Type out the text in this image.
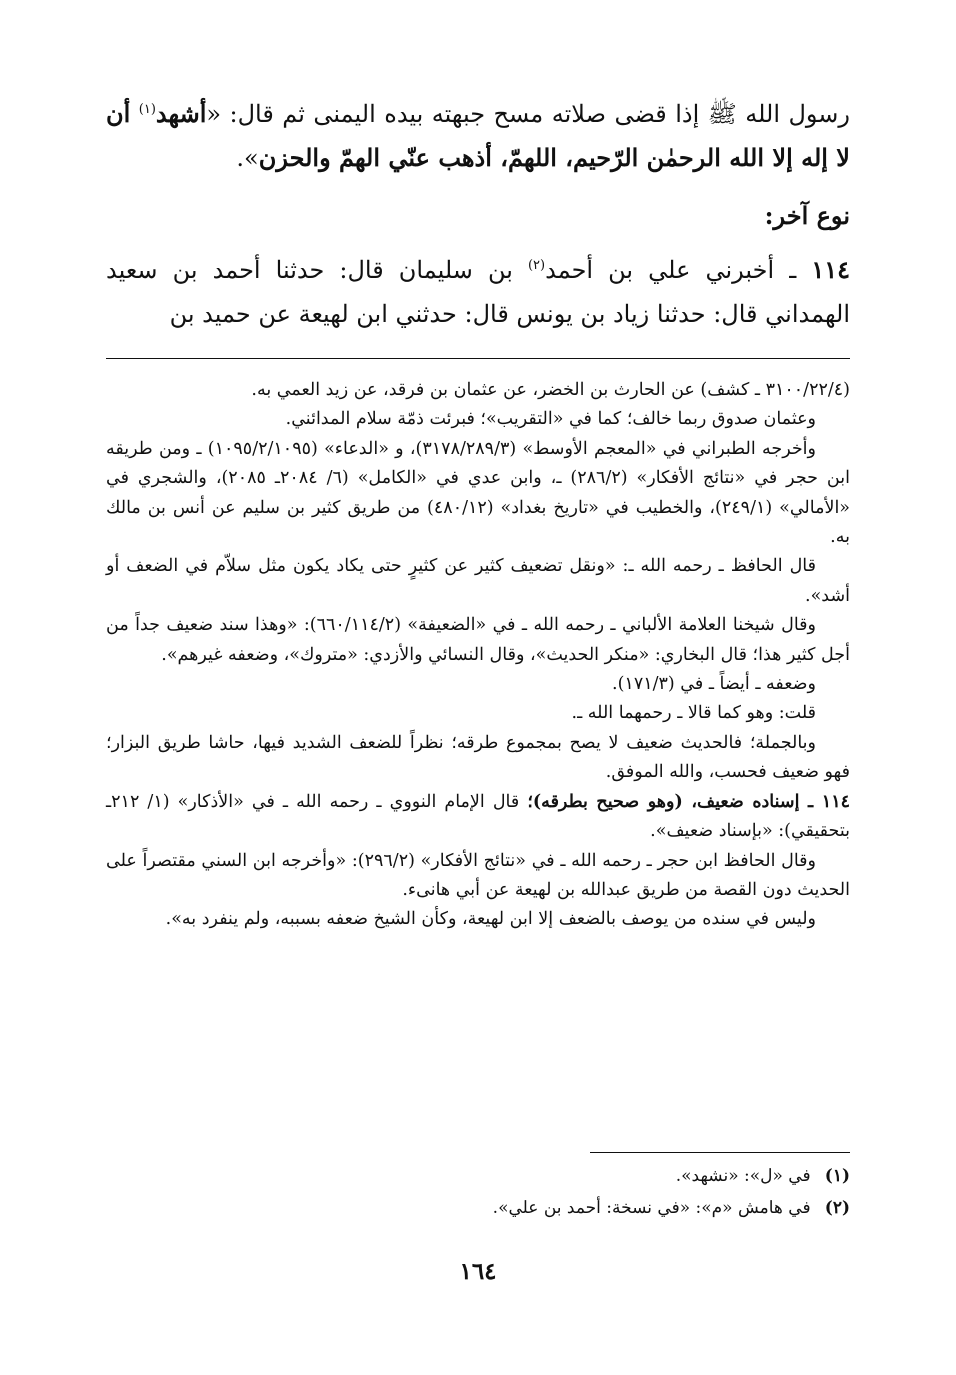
رسول الله ﷺ إذا قضى صلاته مسح جبهته بيده اليمنى ثم قال: «أشهد$^{(١)}$ أن لا إله إلا الله الرحمٰن الرّحيم، اللهمّ، أذهب عنّي الهمّ والحزن».

نوع آخر:

١١٤ ـ أخبرني علي بن أحمد$^{(٢)}$ بن سليمان قال: حدثنا أحمد بن سعيد الهمداني قال: حدثنا زياد بن يونس قال: حدثني ابن لهيعة عن حميد بن

(٣١٠٠/٢٢/٤ ـ كشف) عن الحارث بن الخضر، عن عثمان بن فرقد، عن زيد العمي به.

وعثمان صدوق ربما خالف؛ كما في «التقريب»؛ فبرئت ذمّة سلام المدائني.

وأخرجه الطبراني في «المعجم الأوسط» (٣١٧٨/٢٨٩/٣)، و «الدعاء» (١٠٩٥/٢/١٠٩٥) ـ ومن طريقه ابن حجر في «نتائج الأفكار» (٢٨٦/٢) ـ، وابن عدي في «الكامل» (٦/ ٢٠٨٤ـ ٢٠٨٥)، والشجري في «الأمالي» (٢٤٩/١)، والخطيب في «تاريخ بغداد» (٤٨٠/١٢) من طريق كثير بن سليم عن أنس بن مالك به.

قال الحافظ ـ رحمه الله ـ: «ونقل تضعيف كثير عن كثيرٍ حتى يكاد يكون مثل سلاّم في الضعف أو أشد».

وقال شيخنا العلامة الألباني ـ رحمه الله ـ في «الضعيفة» (٦٦٠/١١٤/٢): «وهذا سند ضعيف جداً من أجل كثير هذا؛ قال البخاري: «منكر الحديث»، وقال النسائي والأزدي: «متروك»، وضعفه غيرهم».

وضعفه ـ أيضاً ـ في (١٧١/٣).

قلت: وهو كما قالا ـ رحمهما الله ـ.

وبالجملة؛ فالحديث ضعيف لا يصح بمجموع طرقه؛ نظراً للضعف الشديد فيها، حاشا طريق البزار؛ فهو ضعيف فحسب، والله الموفق.

١١٤ ـ إسناده ضعيف، (وهو صحيح بطرقه)؛ قال الإمام النووي ـ رحمه الله ـ في «الأذكار» (١/ ٢١٢ـ بتحقيقي): «بإسناد ضعيف».

وقال الحافظ ابن حجر ـ رحمه الله ـ في «نتائج الأفكار» (٢٩٦/٢): «وأخرجه ابن السني مقتصراً على الحديث دون القصة من طريق عبدالله بن لهيعة عن أبي هانىء.

وليس في سنده من يوصف بالضعف إلا ابن لهيعة، وكأن الشيخ ضعفه بسببه، ولم ينفرد به».

(١) في «ل»: «نشهد».

(٢) في هامش «م»: «في نسخة: أحمد بن علي».

١٦٤
